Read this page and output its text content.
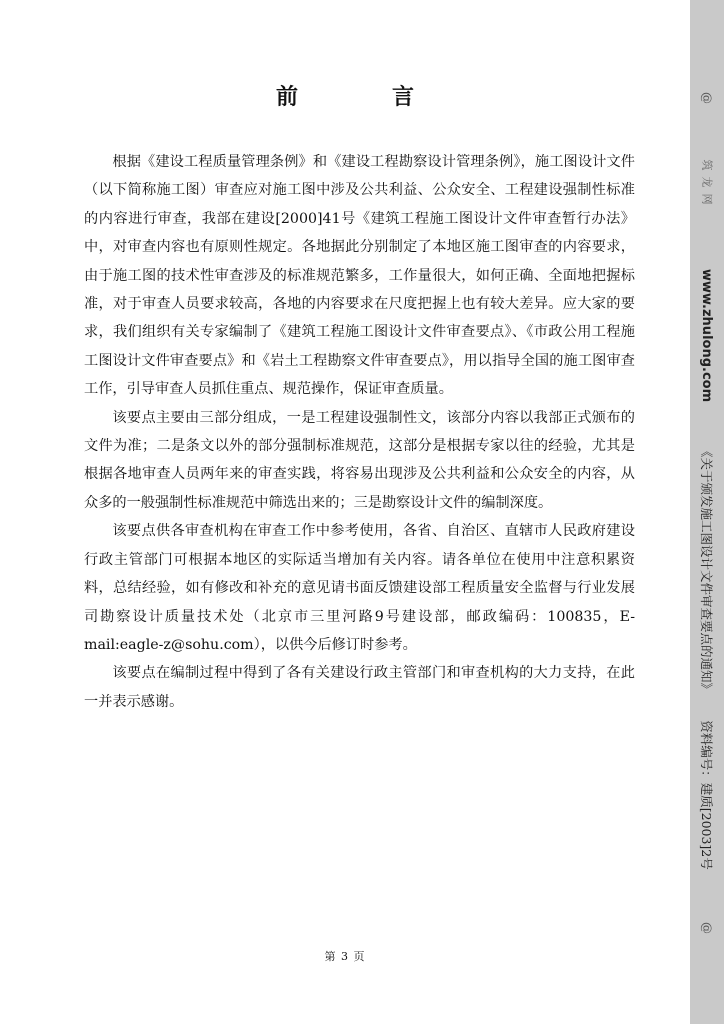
前　言

根据《建设工程质量管理条例》和《建设工程勘察设计管理条例》，施工图设计文件（以下简称施工图）审查应对施工图中涉及公共利益、公众安全、工程建设强制性标准的内容进行审查，我部在建设[2000]41号《建筑工程施工图设计文件审查暂行办法》中，对审查内容也有原则性规定。各地据此分别制定了本地区施工图审查的内容要求，由于施工图的技术性审查涉及的标准规范繁多，工作量很大，如何正确、全面地把握标准，对于审查人员要求较高，各地的内容要求在尺度把握上也有较大差异。应大家的要求，我们组织有关专家编制了《建筑工程施工图设计文件审查要点》、《市政公用工程施工图设计文件审查要点》和《岩土工程勘察文件审查要点》，用以指导全国的施工图审查工作，引导审查人员抓住重点、规范操作，保证审查质量。

该要点主要由三部分组成，一是工程建设强制性文，该部分内容以我部正式颁布的文件为准；二是条文以外的部分强制标准规范，这部分是根据专家以往的经验，尤其是根据各地审查人员两年来的审查实践，将容易出现涉及公共利益和公众安全的内容，从众多的一般强制性标准规范中筛选出来的；三是勘察设计文件的编制深度。

该要点供各审查机构在审查工作中参考使用，各省、自治区、直辖市人民政府建设行政主管部门可根据本地区的实际适当增加有关内容。请各单位在使用中注意积累资料，总结经验，如有修改和补充的意见请书面反馈建设部工程质量安全监督与行业发展司勘察设计质量技术处（北京市三里河路9号建设部，邮政编码：100835，E-mail:eagle-z@sohu.com），以供今后修订时参考。

该要点在编制过程中得到了各有关建设行政主管部门和审查机构的大力支持，在此一并表示感谢。

第 3 页
@
筑龙网
www.zhulong.com
《关于颁发施工图设计文件审查要点的通知》
资料编号：建质[2003]2号
@
